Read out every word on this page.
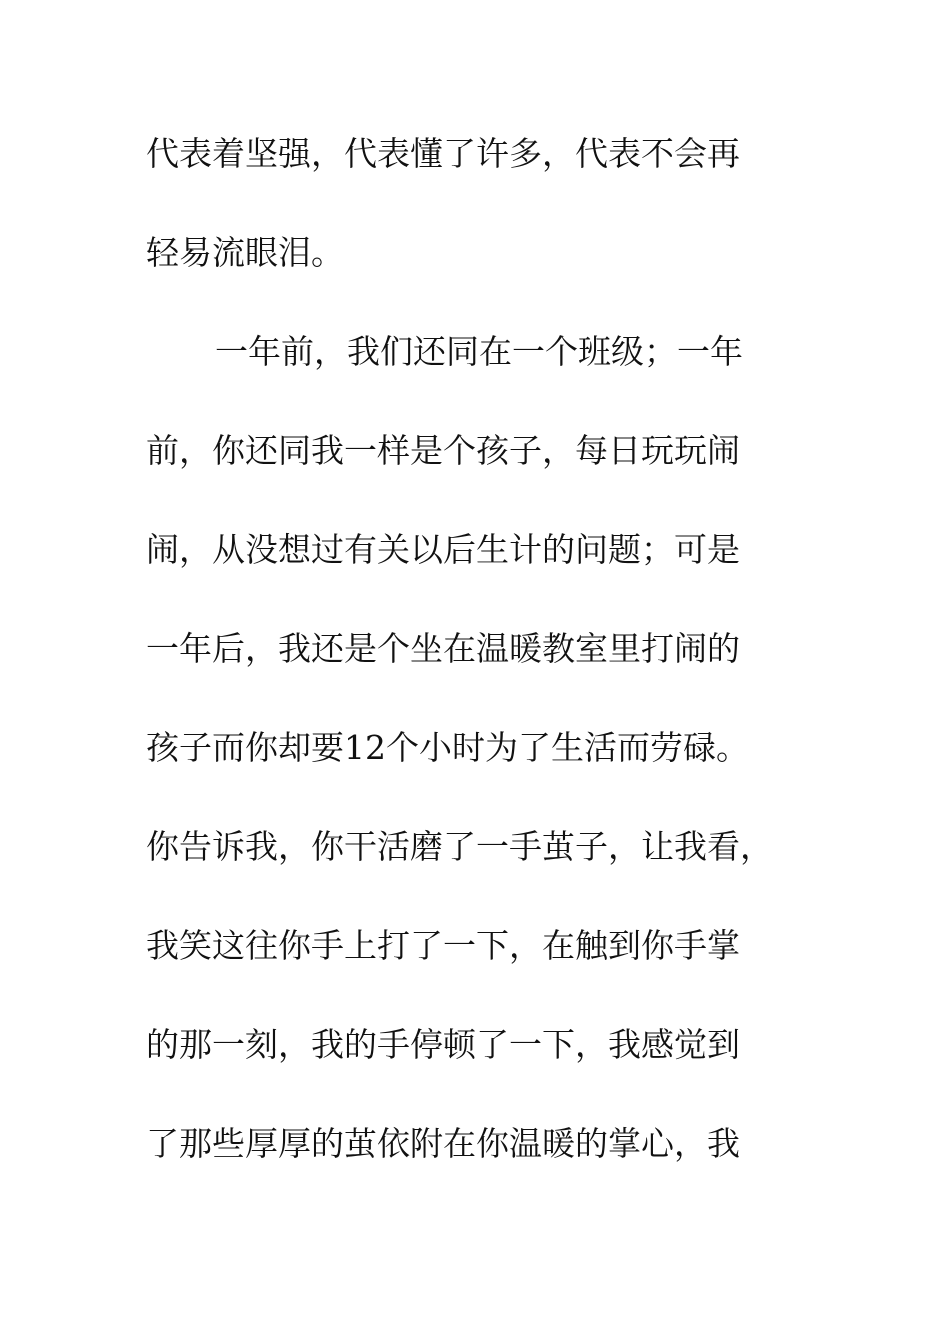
代表着坚强，代表懂了许多，代表不会再
轻易流眼泪。
一年前，我们还同在一个班级；一年
前，你还同我一样是个孩子，每日玩玩闹
闹，从没想过有关以后生计的问题；可是
一年后，我还是个坐在温暖教室里打闹的
孩子而你却要12个小时为了生活而劳碌。
你告诉我，你干活磨了一手茧子，让我看，
我笑这往你手上打了一下，在触到你手掌
的那一刻，我的手停顿了一下，我感觉到
了那些厚厚的茧依附在你温暖的掌心，我
